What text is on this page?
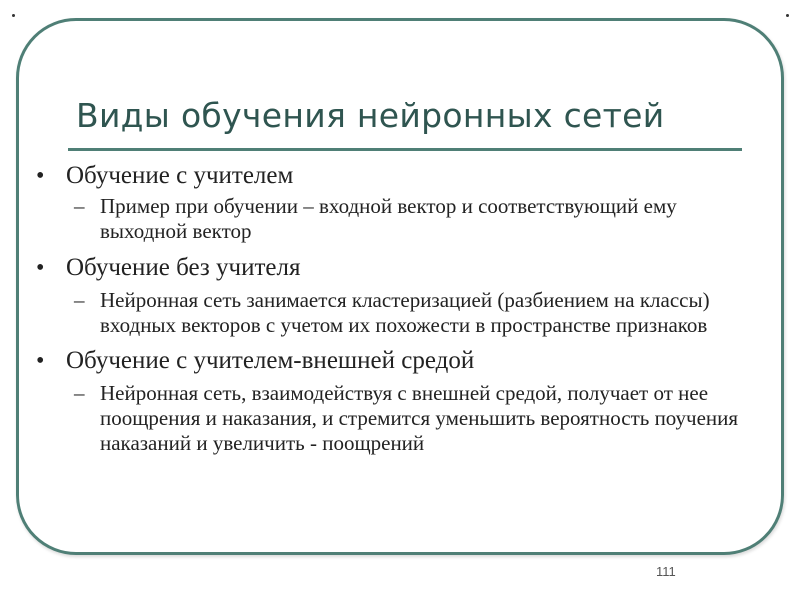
Виды обучения нейронных сетей
• Обучение с учителем
– Пример при обучении – входной вектор и соответствующий ему выходной вектор
• Обучение без учителя
– Нейронная сеть занимается кластеризацией (разбиением на классы) входных векторов с учетом их похожести в пространстве признаков
• Обучение с учителем-внешней средой
– Нейронная сеть, взаимодействуя с внешней средой, получает от нее поощрения и наказания, и стремится уменьшить вероятность поучения наказаний и увеличить - поощрений
111
